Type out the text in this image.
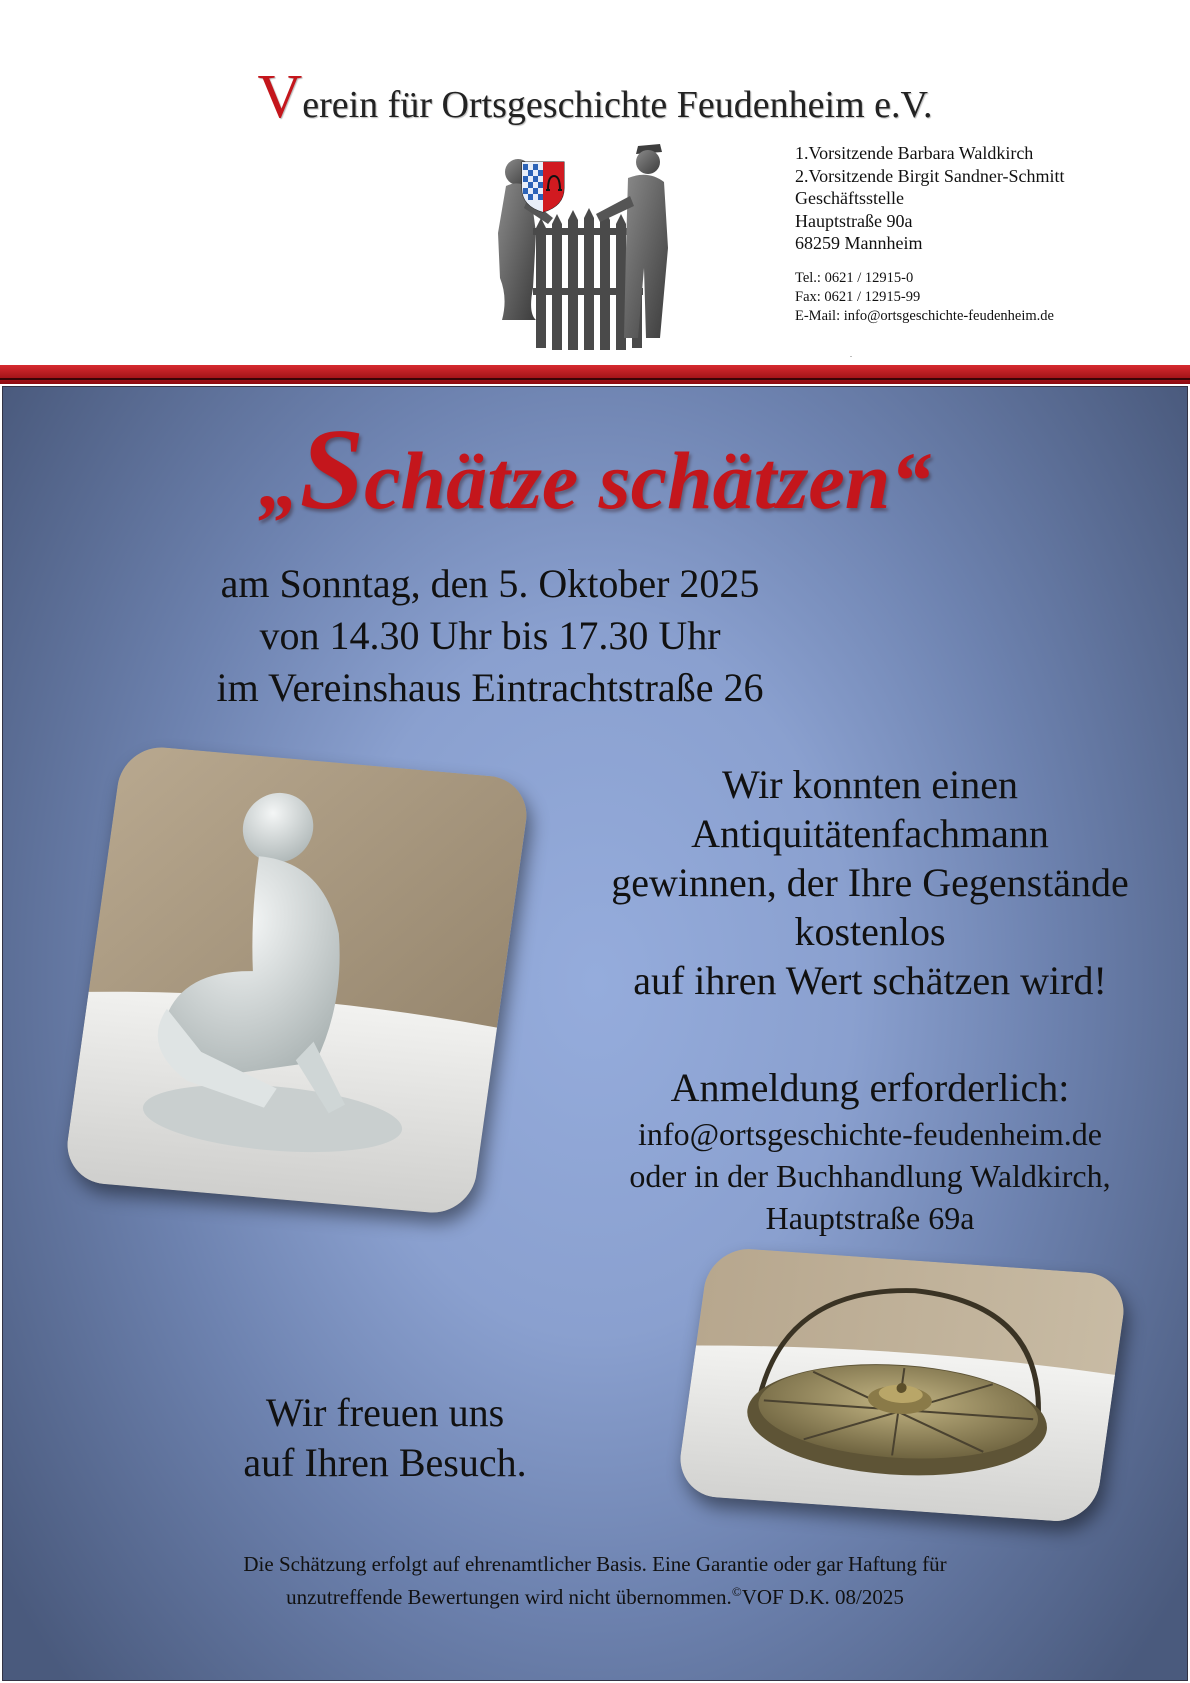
Verein für Ortsgeschichte Feudenheim e.V.
1.Vorsitzende Barbara Waldkirch
2.Vorsitzende Birgit Sandner-Schmitt
Geschäftsstelle
Hauptstraße 90a
68259 Mannheim
Tel.: 0621 / 12915-0
Fax: 0621 / 12915-99
E-Mail: info@ortsgeschichte-feudenheim.de
.
„Schätze schätzen“
am Sonntag, den 5. Oktober 2025
von 14.30 Uhr bis 17.30 Uhr
im Vereinshaus Eintrachtstraße 26
Wir konnten einen
Antiquitätenfachmann
gewinnen, der Ihre Gegenstände
kostenlos
auf ihren Wert schätzen wird!
Anmeldung erforderlich:
info@ortsgeschichte-feudenheim.de
oder in der Buchhandlung Waldkirch,
Hauptstraße 69a
Wir freuen uns
auf Ihren Besuch.
Die Schätzung erfolgt auf ehrenamtlicher Basis. Eine Garantie oder gar Haftung für
unzutreffende Bewertungen wird nicht übernommen.©VOF D.K. 08/2025
